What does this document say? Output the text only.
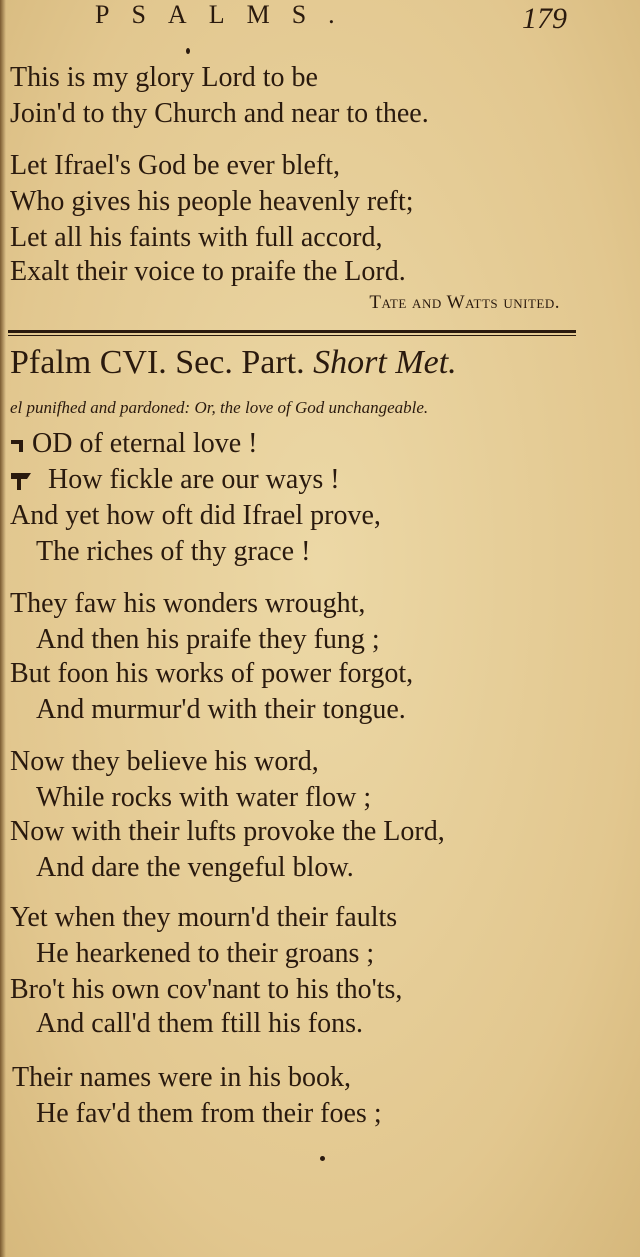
PSALMS.	179
This is my glory Lord to be
Join'd to thy Church and near to thee.
Let Ifrael's God be ever bleft,
Who gives his people heavenly reft;
Let all his faints with full accord,
Exalt their voice to praife the Lord.
Tate and Watts united.
Pfalm CVI. Sec. Part. Short Met.
el punifhed and pardoned: Or, the love of God unchangeable.
OD of eternal love !
How fickle are our ways !
And yet how oft did Ifrael prove,
The riches of thy grace !
They faw his wonders wrought,
And then his praife they fung ;
But foon his works of power forgot,
And murmur'd with their tongue.
Now they believe his word,
While rocks with water flow ;
Now with their lufts provoke the Lord,
And dare the vengeful blow.
Yet when they mourn'd their faults
He hearkened to their groans ;
Bro't his own cov'nant to his tho'ts,
And call'd them ftill his fons.
Their names were in his book,
He fav'd them from their foes ;
